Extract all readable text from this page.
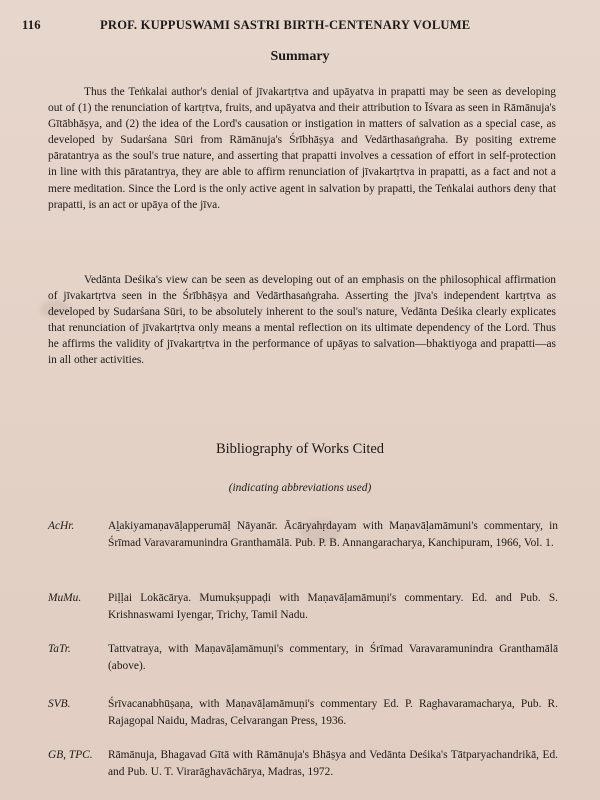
116	PROF. KUPPUSWAMI SASTRI BIRTH-CENTENARY VOLUME
Summary
Thus the Teṅkalai author's denial of jīvakartṛtva and upāyatva in prapatti may be seen as developing out of (1) the renunciation of kartṛtva, fruits, and upāyatva and their attribution to Īśvara as seen in Rāmānuja's Gītābhāṣya, and (2) the idea of the Lord's causation or instigation in matters of salvation as a special case, as developed by Sudarśana Sūri from Rāmānuja's Śrībhāṣya and Vedārthasaṅgraha. By positing extreme pāratantrya as the soul's true nature, and asserting that prapatti involves a cessation of effort in self-protection in line with this pāratantrya, they are able to affirm renunciation of jīvakartṛtva in prapatti, as a fact and not a mere meditation. Since the Lord is the only active agent in salvation by prapatti, the Teṅkalai authors deny that prapatti, is an act or upāya of the jīva.
Vedānta Deśika's view can be seen as developing out of an emphasis on the philosophical affirmation of jīvakartṛtva seen in the Śrībhāṣya and Vedārthasaṅgraha. Asserting the jīva's independent kartṛtva as developed by Sudarśana Sūri, to be absolutely inherent to the soul's nature, Vedānta Deśika clearly explicates that renunciation of jīvakartṛtva only means a mental reflection on its ultimate dependency of the Lord. Thus he affirms the validity of jīvakartṛtva in the performance of upāyas to salvation—bhaktiyoga and prapatti—as in all other activities.
Bibliography of Works Cited
(indicating abbreviations used)
AcHr.	Aḻakiyamaṇavāḷapperumāḷ Nāyanār. Ācāryahṛdayam with Maṇavāḷamāmuni's commentary, in Śrīmad Varavaramunindra Granthamālā. Pub. P. B. Annangaracharya, Kanchipuram, 1966, Vol. 1.
MuMu.	Piḷḷai Lokācārya. Mumukṣuppaḍi with Maṇavāḷamāmuṇi's commentary. Ed. and Pub. S. Krishnaswami Iyengar, Trichy, Tamil Nadu.
TaTr.	Tattvatraya, with Maṇavāḷamāmuṇi's commentary, in Śrīmad Varavaramunindra Granthamālā (above).
SVB.	Śrīvacanabhūṣaṇa, with Maṇavāḷamāmuṇi's commentary Ed. P. Raghavaramacharya, Pub. R. Rajagopal Naidu, Madras, Celvarangan Press, 1936.
GB, TPC.	Rāmānuja, Bhagavad Gītā with Rāmānuja's Bhāṣya and Vedānta Deśika's Tātparyachandrikā, Ed. and Pub. U. T. Virarāghavāchārya, Madras, 1972.
